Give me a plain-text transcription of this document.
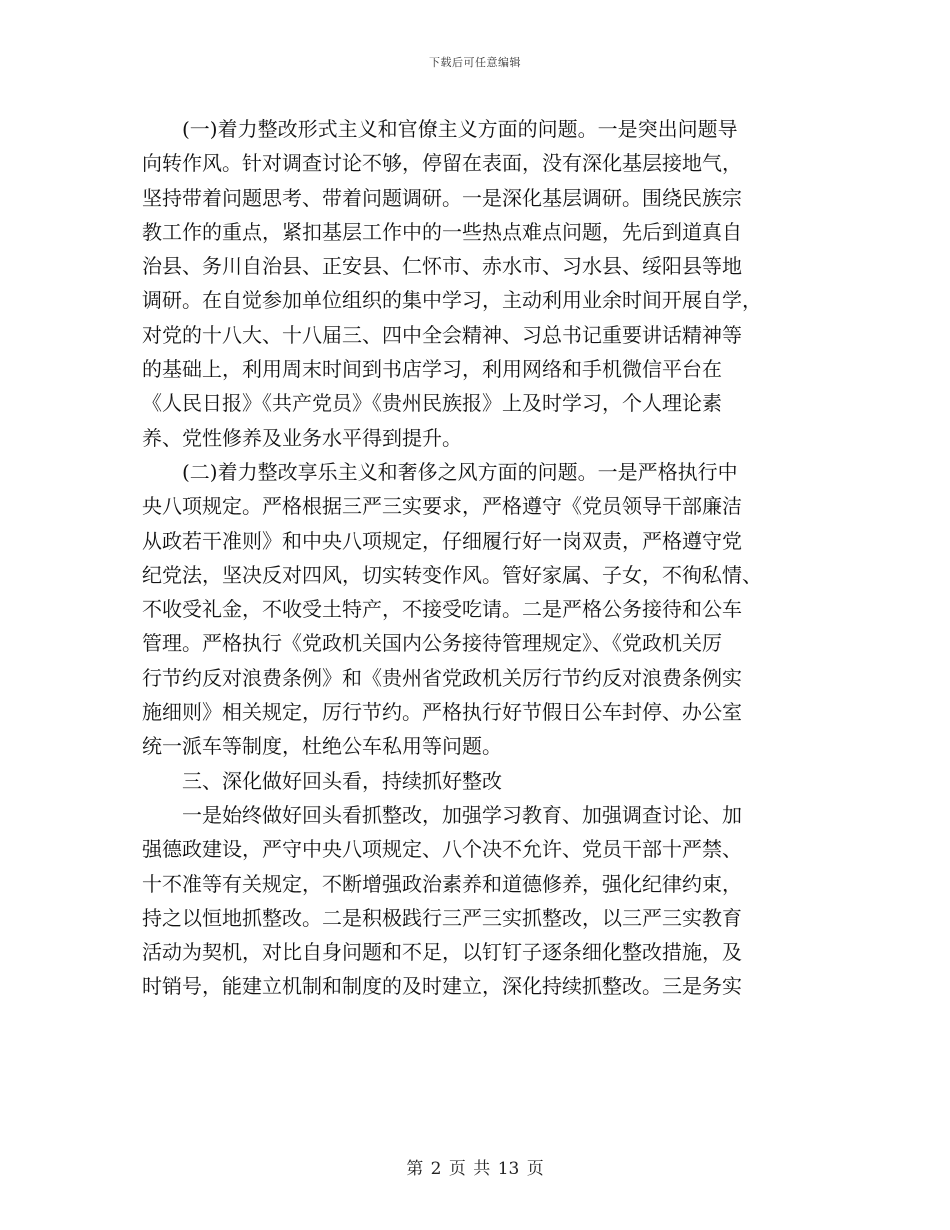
下载后可任意编辑
　　(一)着力整改形式主义和官僚主义方面的问题。一是突出问题导
向转作风。针对调查讨论不够，停留在表面，没有深化基层接地气，
坚持带着问题思考、带着问题调研。一是深化基层调研。围绕民族宗
教工作的重点，紧扣基层工作中的一些热点难点问题，先后到道真自
治县、务川自治县、正安县、仁怀市、赤水市、习水县、绥阳县等地
调研。在自觉参加单位组织的集中学习，主动利用业余时间开展自学，
对党的十八大、十八届三、四中全会精神、习总书记重要讲话精神等
的基础上，利用周末时间到书店学习，利用网络和手机微信平台在
《人民日报》《共产党员》《贵州民族报》上及时学习，个人理论素
养、党性修养及业务水平得到提升。
　　(二)着力整改享乐主义和奢侈之风方面的问题。一是严格执行中
央八项规定。严格根据三严三实要求，严格遵守《党员领导干部廉洁
从政若干准则》和中央八项规定，仔细履行好一岗双责，严格遵守党
纪党法，坚决反对四风，切实转变作风。管好家属、子女，不徇私情、
不收受礼金，不收受土特产，不接受吃请。二是严格公务接待和公车
管理。严格执行《党政机关国内公务接待管理规定》、《党政机关厉
行节约反对浪费条例》和《贵州省党政机关厉行节约反对浪费条例实
施细则》相关规定，厉行节约。严格执行好节假日公车封停、办公室
统一派车等制度，杜绝公车私用等问题。
　　三、深化做好回头看，持续抓好整改
　　一是始终做好回头看抓整改，加强学习教育、加强调查讨论、加
强德政建设，严守中央八项规定、八个决不允许、党员干部十严禁、
十不准等有关规定，不断增强政治素养和道德修养，强化纪律约束，
持之以恒地抓整改。二是积极践行三严三实抓整改，以三严三实教育
活动为契机，对比自身问题和不足，以钉钉子逐条细化整改措施，及
时销号，能建立机制和制度的及时建立，深化持续抓整改。三是务实
第 2 页 共 13 页
